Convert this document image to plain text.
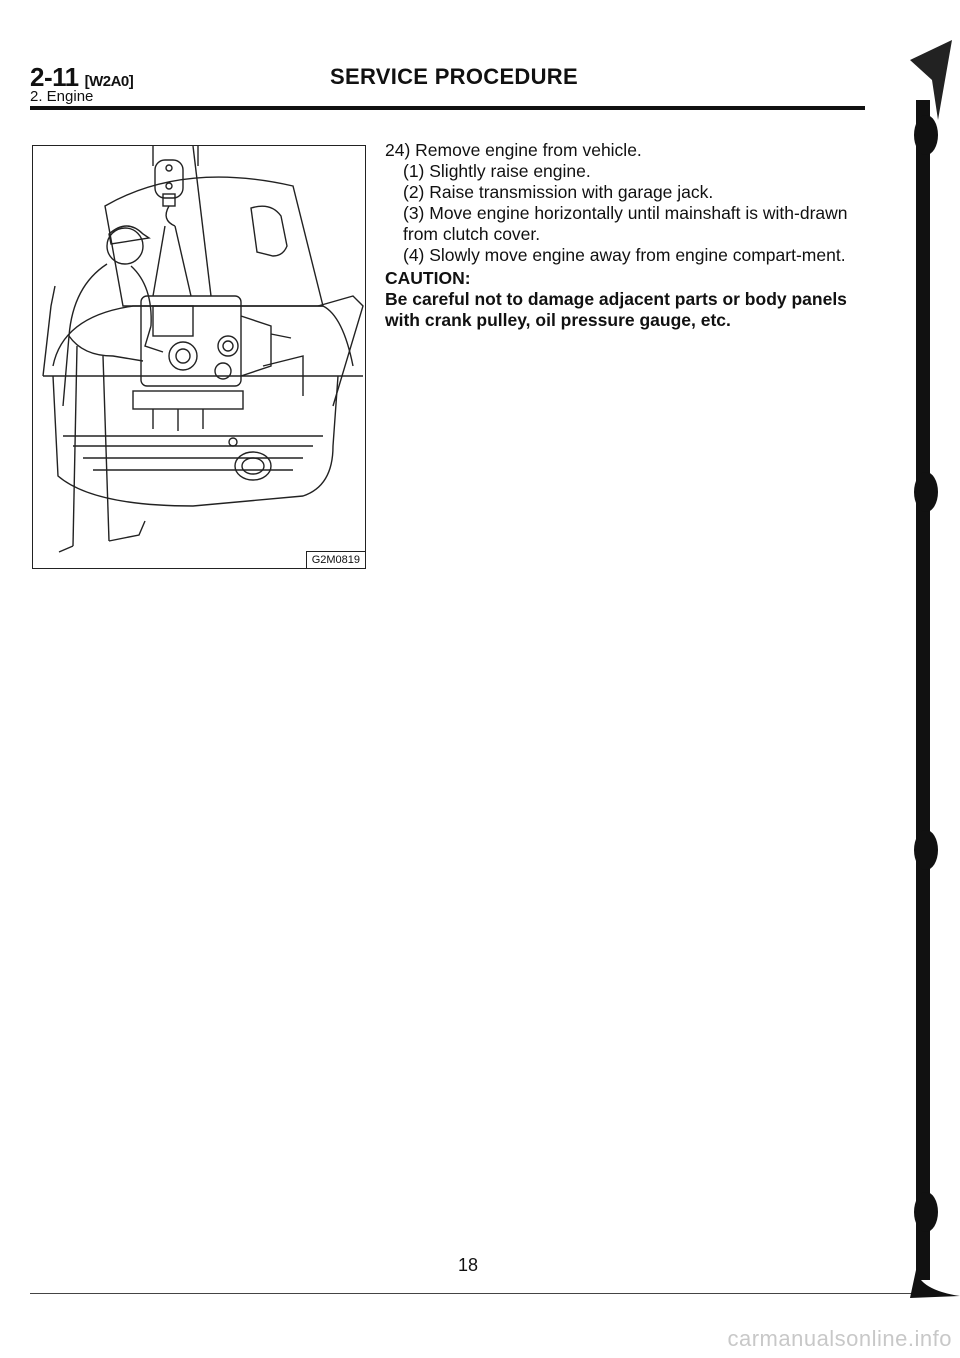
2-11 [W2A0]
2. Engine
SERVICE PROCEDURE
G2M0819

24) Remove engine from vehicle.

(1) Slightly raise engine.

(2) Raise transmission with garage jack.

(3) Move engine horizontally until mainshaft is with-drawn from clutch cover.

(4) Slowly move engine away from engine compart-ment.

CAUTION:
Be careful not to damage adjacent parts or body panels with crank pulley, oil pressure gauge, etc.
18
carmanualsonline.info
